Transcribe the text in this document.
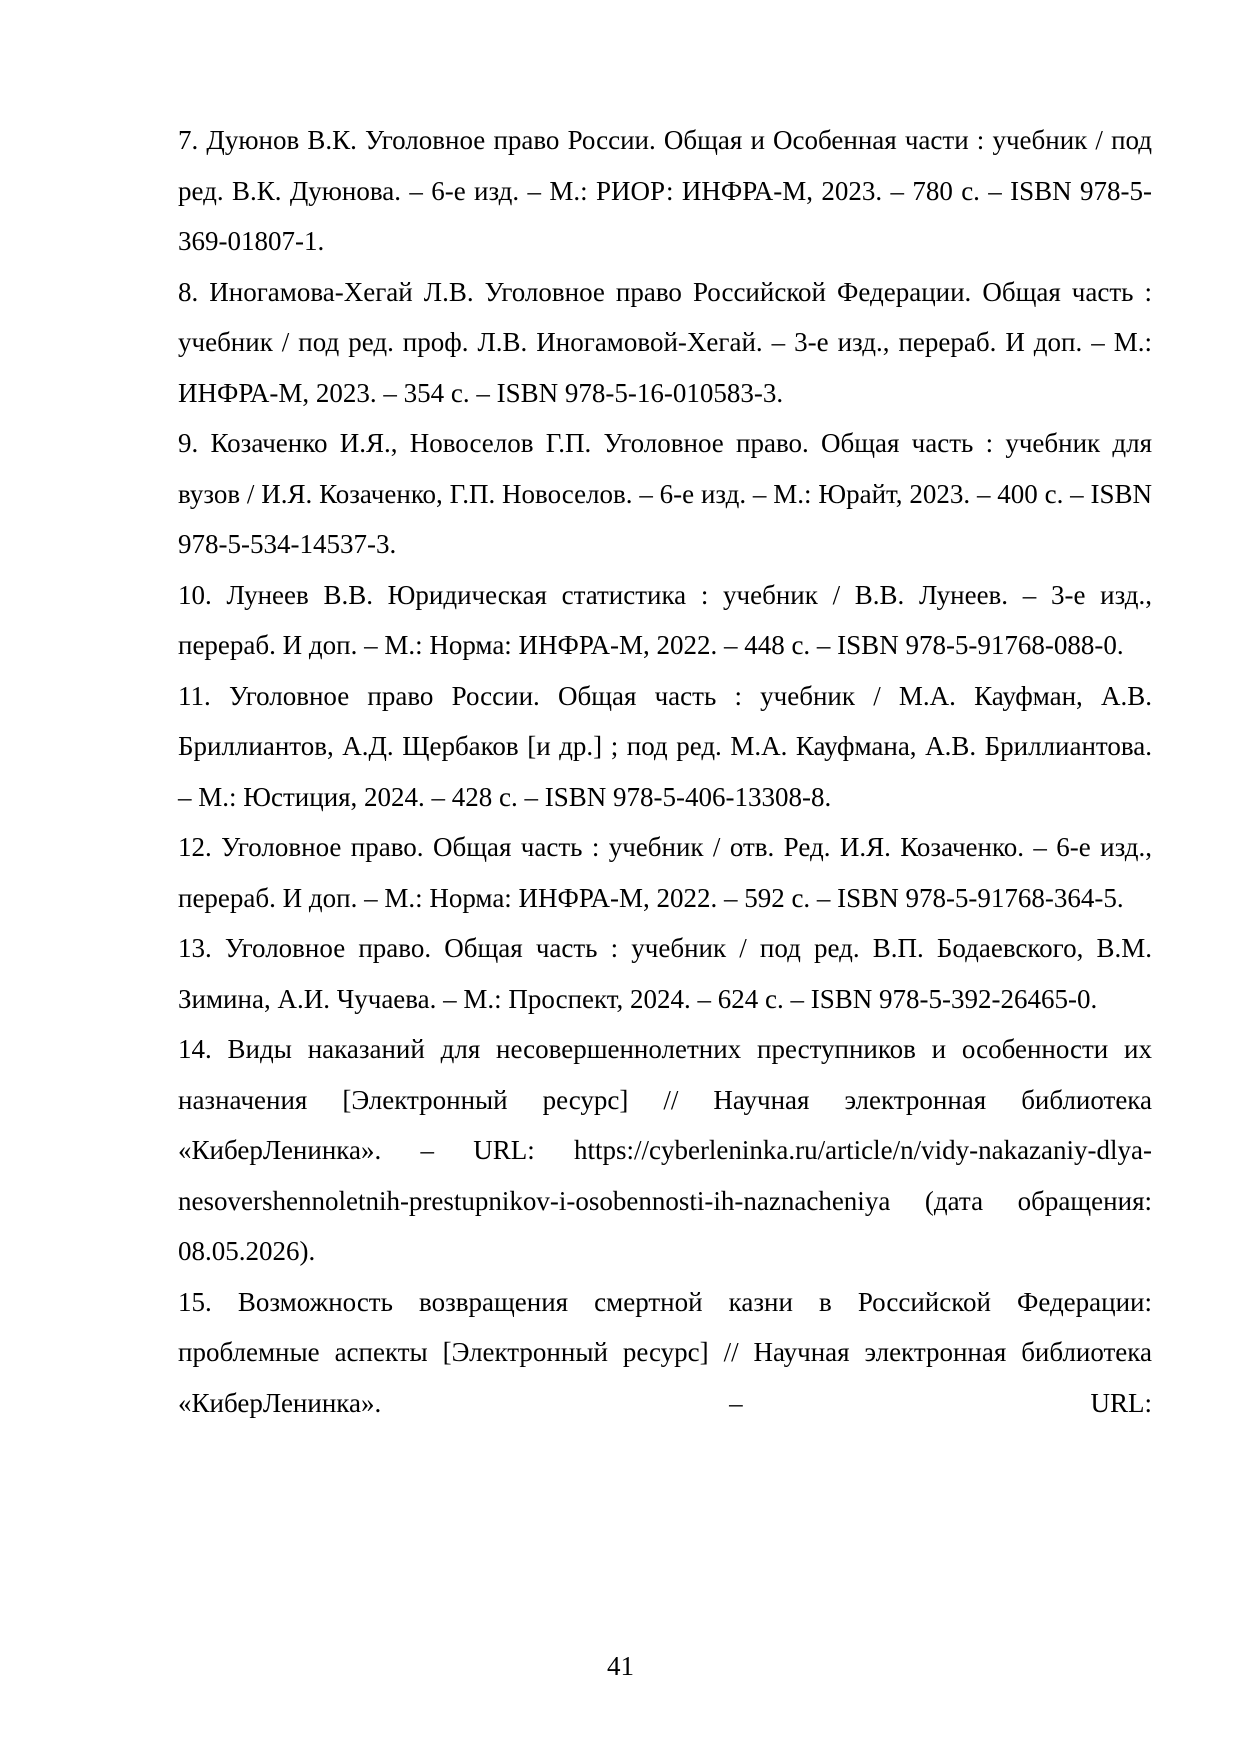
7. Дуюнов В.К. Уголовное право России. Общая и Особенная части : учебник / под ред. В.К. Дуюнова. – 6-е изд. – М.: РИОР: ИНФРА-М, 2023. – 780 с. – ISBN 978-5-369-01807-1.

8. Иногамова-Хегай Л.В. Уголовное право Российской Федерации. Общая часть : учебник / под ред. проф. Л.В. Иногамовой-Хегай. – 3-е изд., перераб. И доп. – М.: ИНФРА-М, 2023. – 354 с. – ISBN 978-5-16-010583-3.

9. Козаченко И.Я., Новоселов Г.П. Уголовное право. Общая часть : учебник для вузов / И.Я. Козаченко, Г.П. Новоселов. – 6-е изд. – М.: Юрайт, 2023. – 400 с. – ISBN 978-5-534-14537-3.

10. Лунеев В.В. Юридическая статистика : учебник / В.В. Лунеев. – 3-е изд., перераб. И доп. – М.: Норма: ИНФРА-М, 2022. – 448 с. – ISBN 978-5-91768-088-0.

11. Уголовное право России. Общая часть : учебник / М.А. Кауфман, А.В. Бриллиантов, А.Д. Щербаков [и др.] ; под ред. М.А. Кауфмана, А.В. Бриллиантова. – М.: Юстиция, 2024. – 428 с. – ISBN 978-5-406-13308-8.

12. Уголовное право. Общая часть : учебник / отв. Ред. И.Я. Козаченко. – 6-е изд., перераб. И доп. – М.: Норма: ИНФРА-М, 2022. – 592 с. – ISBN 978-5-91768-364-5.

13. Уголовное право. Общая часть : учебник / под ред. В.П. Бодаевского, В.М. Зимина, А.И. Чучаева. – М.: Проспект, 2024. – 624 с. – ISBN 978-5-392-26465-0.

14. Виды наказаний для несовершеннолетних преступников и особенности их назначения [Электронный ресурс] // Научная электронная библиотека «КиберЛенинка». – URL: https://cyberleninka.ru/article/n/vidy-nakazaniy-dlya-nesovershennoletnih-prestupnikov-i-osobennosti-ih-naznacheniya (дата обращения: 08.05.2026).

15. Возможность возвращения смертной казни в Российской Федерации: проблемные аспекты [Электронный ресурс] // Научная электронная библиотека «КиберЛенинка». – URL:

41
